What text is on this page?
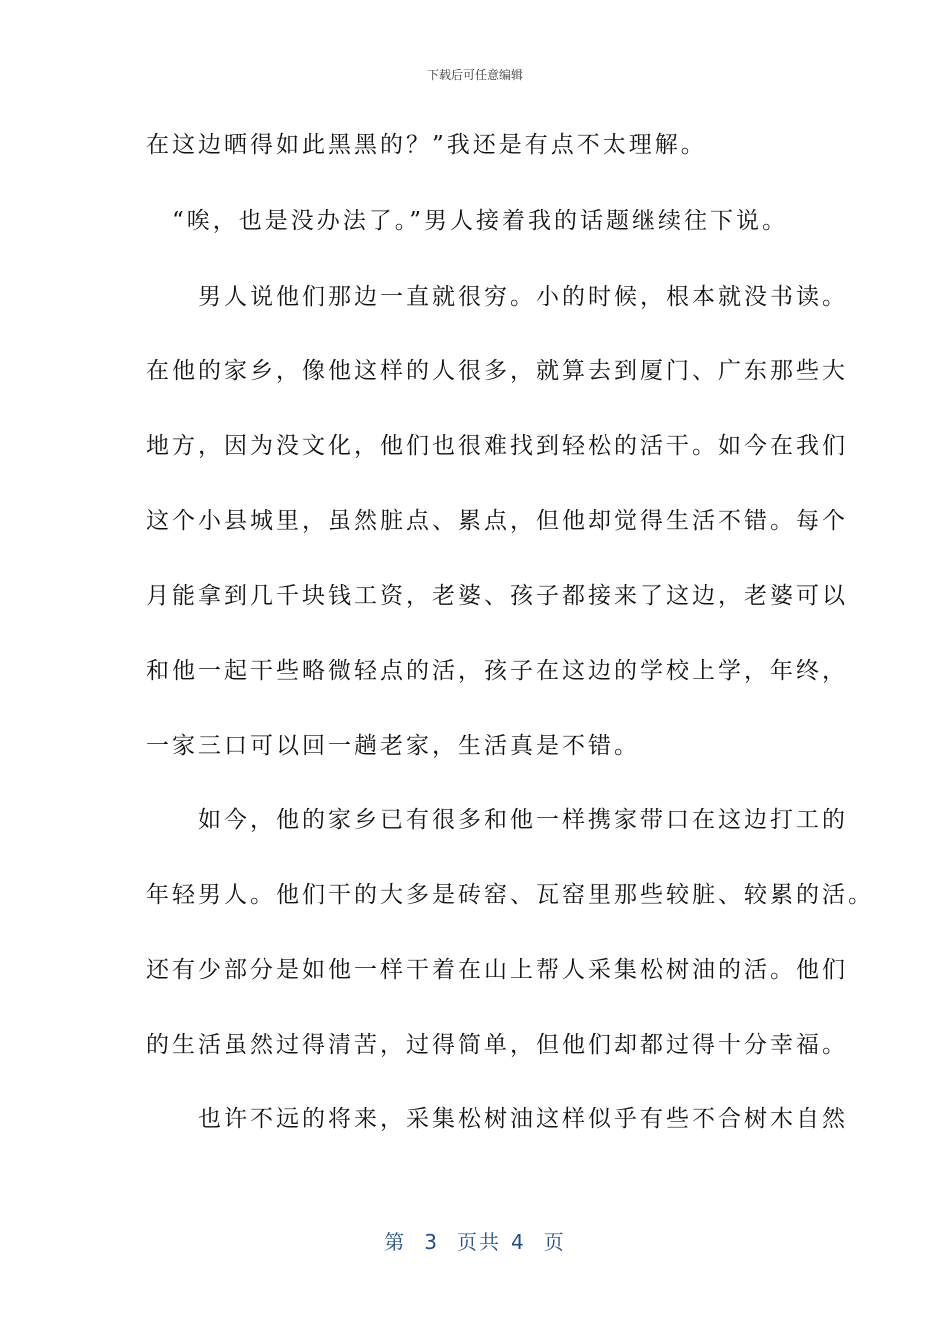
下载后可任意编辑
在这边晒得如此黑黑的？”我还是有点不太理解。
　“唉，也是没办法了。”男人接着我的话题继续往下说。
　　男人说他们那边一直就很穷。小的时候，根本就没书读。
在他的家乡，像他这样的人很多，就算去到厦门、广东那些大
地方，因为没文化，他们也很难找到轻松的活干。如今在我们
这个小县城里，虽然脏点、累点，但他却觉得生活不错。每个
月能拿到几千块钱工资，老婆、孩子都接来了这边，老婆可以
和他一起干些略微轻点的活，孩子在这边的学校上学，年终，
一家三口可以回一趟老家，生活真是不错。
　　如今，他的家乡已有很多和他一样携家带口在这边打工的
年轻男人。他们干的大多是砖窑、瓦窑里那些较脏、较累的活。
还有少部分是如他一样干着在山上帮人采集松树油的活。他们
的生活虽然过得清苦，过得简单，但他们却都过得十分幸福。
　　也许不远的将来，采集松树油这样似乎有些不合树木自然
第 3 页共 4 页
